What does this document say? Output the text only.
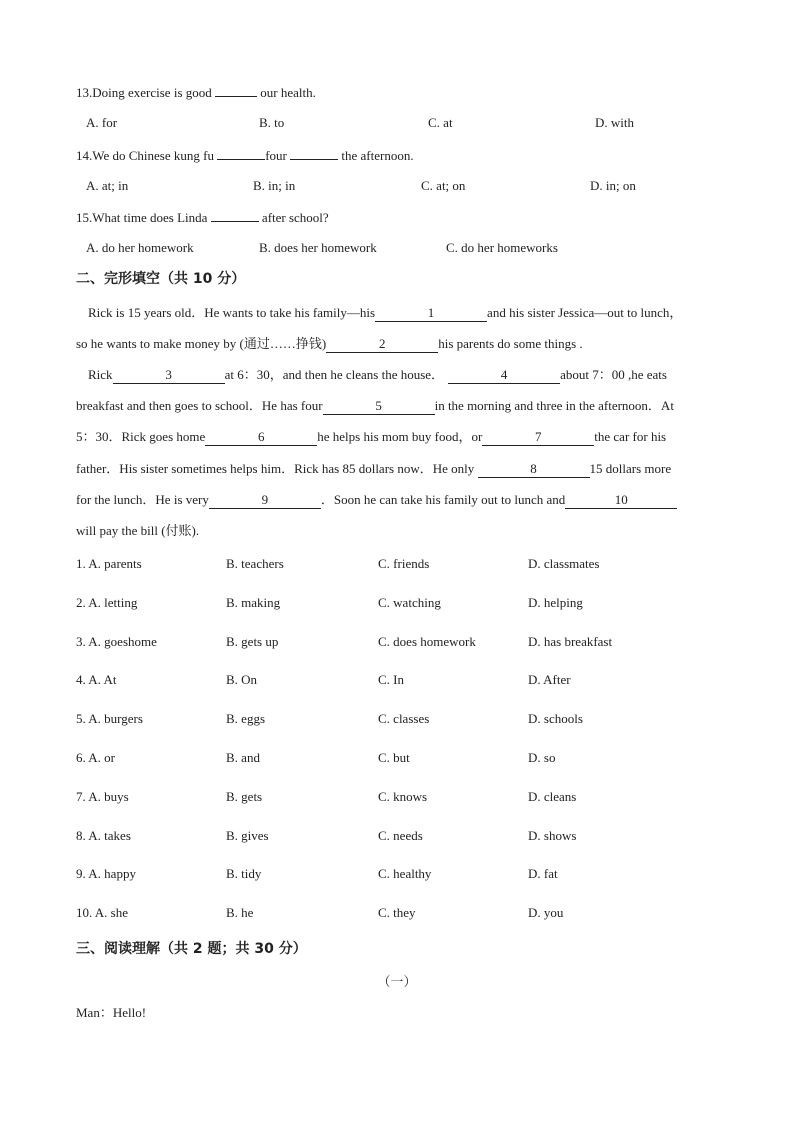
13.Doing exercise is good	our health.
A. for	B. to	C. at	D. with
14.We do Chinese kung fu	four	the afternoon.
A. at; in	B. in; in	C. at; on	D. in; on
15.What time does Linda	after school?
A. do her homework	B. does her homework	C. do her homeworks
二、完形填空（共 10 分）
Rick is 15 years old．He wants to take his family—his	1	and his sister Jessica—out to lunch，
so he wants to make money by (通过……挣钱)	2	his parents do some things .
Rick	3	at 6：30，and then he cleans the house．	4	about 7：00 ,he eats
breakfast and then goes to school．He has four	5	in the morning and three in the afternoon．At
5：30．Rick goes home	6	he helps his mom buy food，or	7	the car for his
father．His sister sometimes helps him．Rick has 85 dollars now．He only	8	15 dollars more
for the lunch．He is very	9	．Soon he can take his family out to lunch and	10
will pay the bill (付账).
1. A. parents	B. teachers	C. friends	D. classmates
2. A. letting	B. making	C. watching	D. helping
3. A. goeshome	B. gets up	C. does homework	D. has breakfast
4. A. At	B. On	C. In	D. After
5. A. burgers	B. eggs	C. classes	D. schools
6. A. or	B. and	C. but	D. so
7. A. buys	B. gets	C. knows	D. cleans
8. A. takes	B. gives	C. needs	D. shows
9. A. happy	B. tidy	C. healthy	D. fat
10. A. she	B. he	C. they	D. you
三、阅读理解（共 2 题；共 30 分）
（一）
Man：Hello!
